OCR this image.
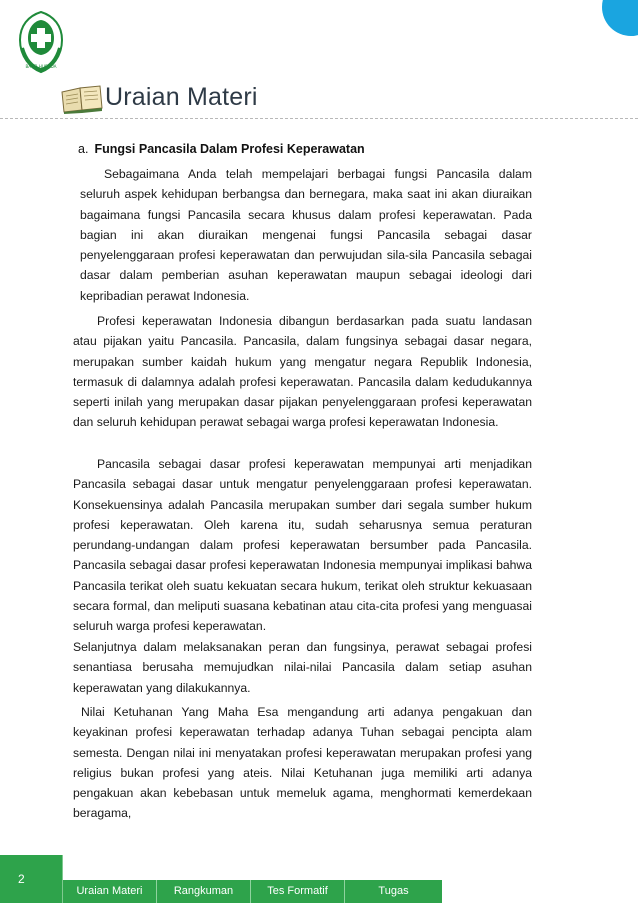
BAKTI HUSADA
Uraian Materi
a. Fungsi Pancasila Dalam Profesi Keperawatan

Sebagaimana Anda telah mempelajari berbagai fungsi Pancasila dalam seluruh aspek kehidupan berbangsa dan bernegara, maka saat ini akan diuraikan bagaimana fungsi Pancasila secara khusus dalam profesi keperawatan. Pada bagian ini akan diuraikan mengenai fungsi Pancasila sebagai dasar penyelenggaraan profesi keperawatan dan perwujudan sila-sila Pancasila sebagai dasar dalam pemberian asuhan keperawatan maupun sebagai ideologi dari kepribadian perawat Indonesia.

Profesi keperawatan Indonesia dibangun berdasarkan pada suatu landasan atau pijakan yaitu Pancasila. Pancasila, dalam fungsinya sebagai dasar negara, merupakan sumber kaidah hukum yang mengatur negara Republik Indonesia, termasuk di dalamnya adalah profesi keperawatan. Pancasila dalam kedudukannya seperti inilah yang merupakan dasar pijakan penyelenggaraan profesi keperawatan dan seluruh kehidupan perawat sebagai warga profesi keperawatan Indonesia.

Pancasila sebagai dasar profesi keperawatan mempunyai arti menjadikan Pancasila sebagai dasar untuk mengatur penyelenggaraan profesi keperawatan. Konsekuensinya adalah Pancasila merupakan sumber dari segala sumber hukum profesi keperawatan. Oleh karena itu, sudah seharusnya semua peraturan perundang-undangan dalam profesi keperawatan bersumber pada Pancasila. Pancasila sebagai dasar profesi keperawatan Indonesia mempunyai implikasi bahwa Pancasila terikat oleh suatu kekuatan secara hukum, terikat oleh struktur kekuasaan secara formal, dan meliputi suasana kebatinan atau cita-cita profesi yang menguasai seluruh warga profesi keperawatan.

Selanjutnya dalam melaksanakan peran dan fungsinya, perawat sebagai profesi senantiasa berusaha memujudkan nilai-nilai Pancasila dalam setiap asuhan keperawatan yang dilakukannya.

Nilai Ketuhanan Yang Maha Esa mengandung arti adanya pengakuan dan keyakinan profesi keperawatan terhadap adanya Tuhan sebagai pencipta alam semesta. Dengan nilai ini menyatakan profesi keperawatan merupakan profesi yang religius bukan profesi yang ateis. Nilai Ketuhanan juga memiliki arti adanya pengakuan akan kebebasan untuk memeluk agama, menghormati kemerdekaan beragama,

2
Uraian Materi	Rangkuman	Tes Formatif	Tugas
